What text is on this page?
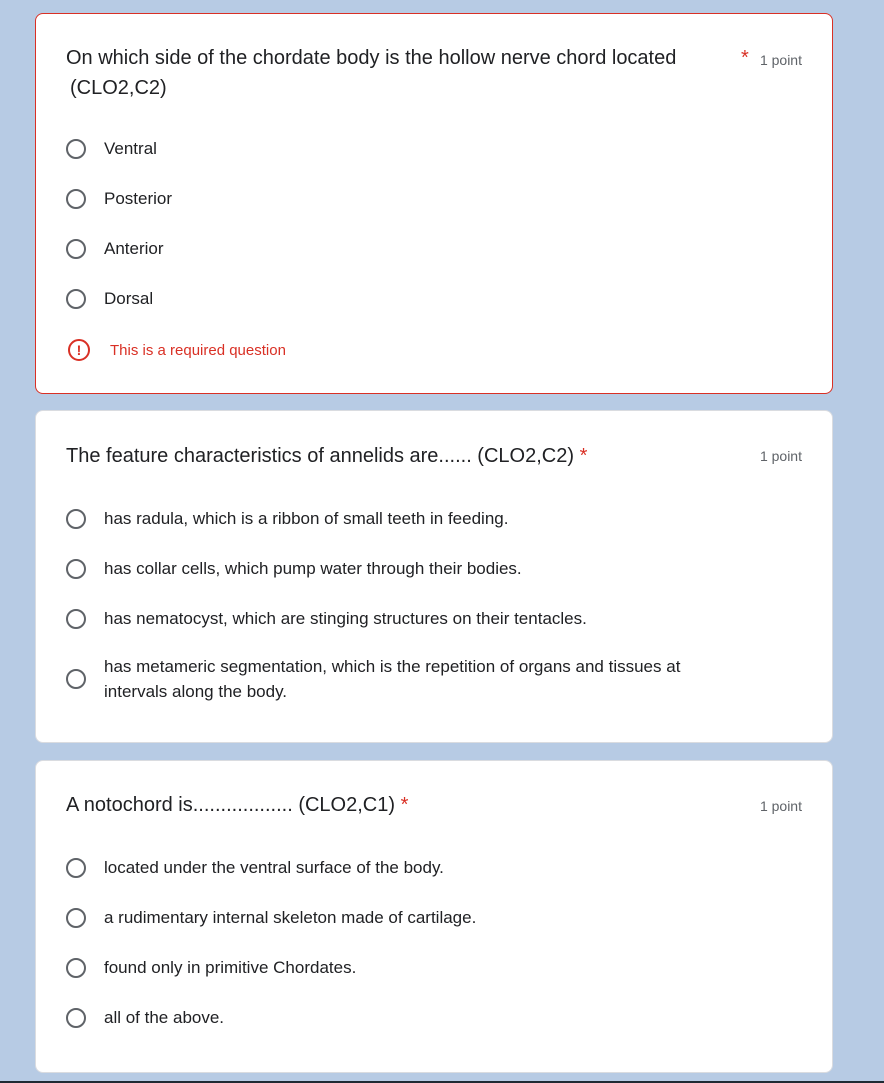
On which side of the chordate body is the hollow nerve chord located	* 1 point
(CLO2,C2)
Ventral
Posterior
Anterior
Dorsal
!	This is a required question
The feature characteristics of annelids are...... (CLO2,C2) *	1 point
has radula, which is a ribbon of small teeth in feeding.
has collar cells, which pump water through their bodies.
has nematocyst, which are stinging structures on their tentacles.
has metameric segmentation, which is the repetition of organs and tissues at intervals along the body.
A notochord is.................. (CLO2,C1) *	1 point
located under the ventral surface of the body.
a rudimentary internal skeleton made of cartilage.
found only in primitive Chordates.
all of the above.
